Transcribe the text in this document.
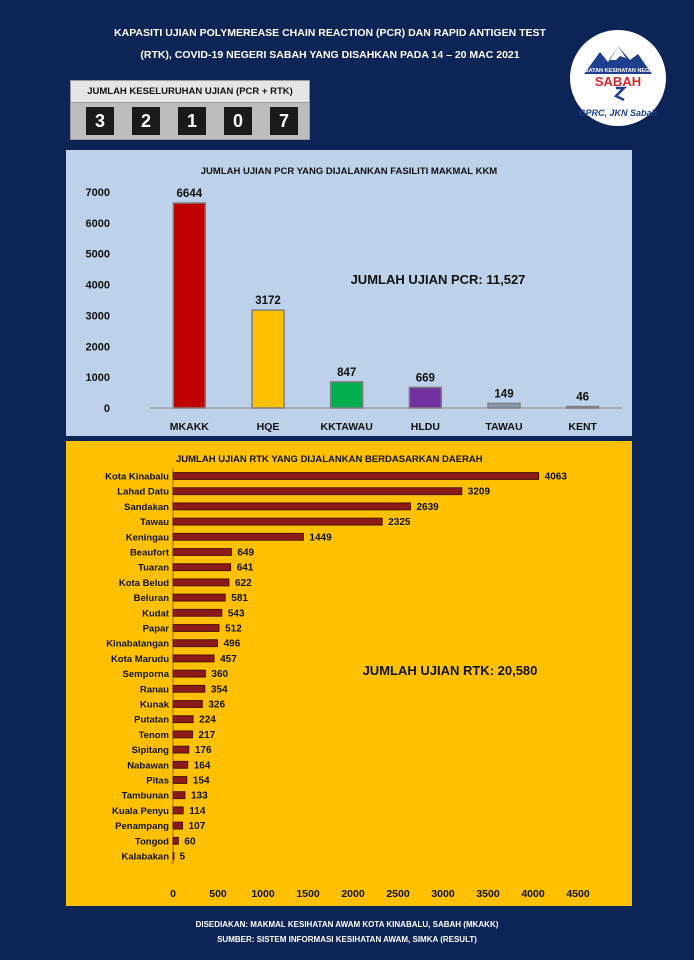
KAPASITI UJIAN POLYMEREASE CHAIN REACTION (PCR) DAN RAPID ANTIGEN TEST
(RTK), COVID-19 NEGERI SABAH YANG DISAHKAN PADA 14 – 20 MAC 2021
JABATAN KESIHATAN NEGERI
SABAH
CPRC, JKN Sabah
JUMLAH KESELURUHAN UJIAN (PCR + RTK)
3	2	1	0	7
JUMLAH UJIAN PCR YANG DIJALANKAN FASILITI MAKMAL KKM
0
1000
2000
3000
4000
5000
6000
7000	6644
MKAKK
3172
HQE
847
KKTAWAU
669
HLDU
149
TAWAU
46
KENT
JUMLAH UJIAN PCR: 11,527
JUMLAH UJIAN RTK YANG DIJALANKAN BERDASARKAN DAERAH
Kota Kinabalu	4063
Lahad Datu	3209
Sandakan	2639
Tawau	2325
Keningau	1449
Beaufort	649
Tuaran	641
Kota Belud	622
Beluran	581
Kudat	543
Papar	512
Kinabatangan	496
Kota Marudu	457
Semporna	360
Ranau	354
Kunak	326
Putatan	224
Tenom	217
Sipitang	176
Nabawan 164
Pitas 154
Tambunan 133
Kuala Penyu 114
Penampang 107
Tongod 60
Kalabakan 5
0	500 1000 1500 2000 2500 3000 3500 4000 4500
JUMLAH UJIAN RTK: 20,580
DISEDIAKAN: MAKMAL KESIHATAN AWAM KOTA KINABALU, SABAH (MKAKK)
SUMBER: SISTEM INFORMASI KESIHATAN AWAM, SIMKA (RESULT)
